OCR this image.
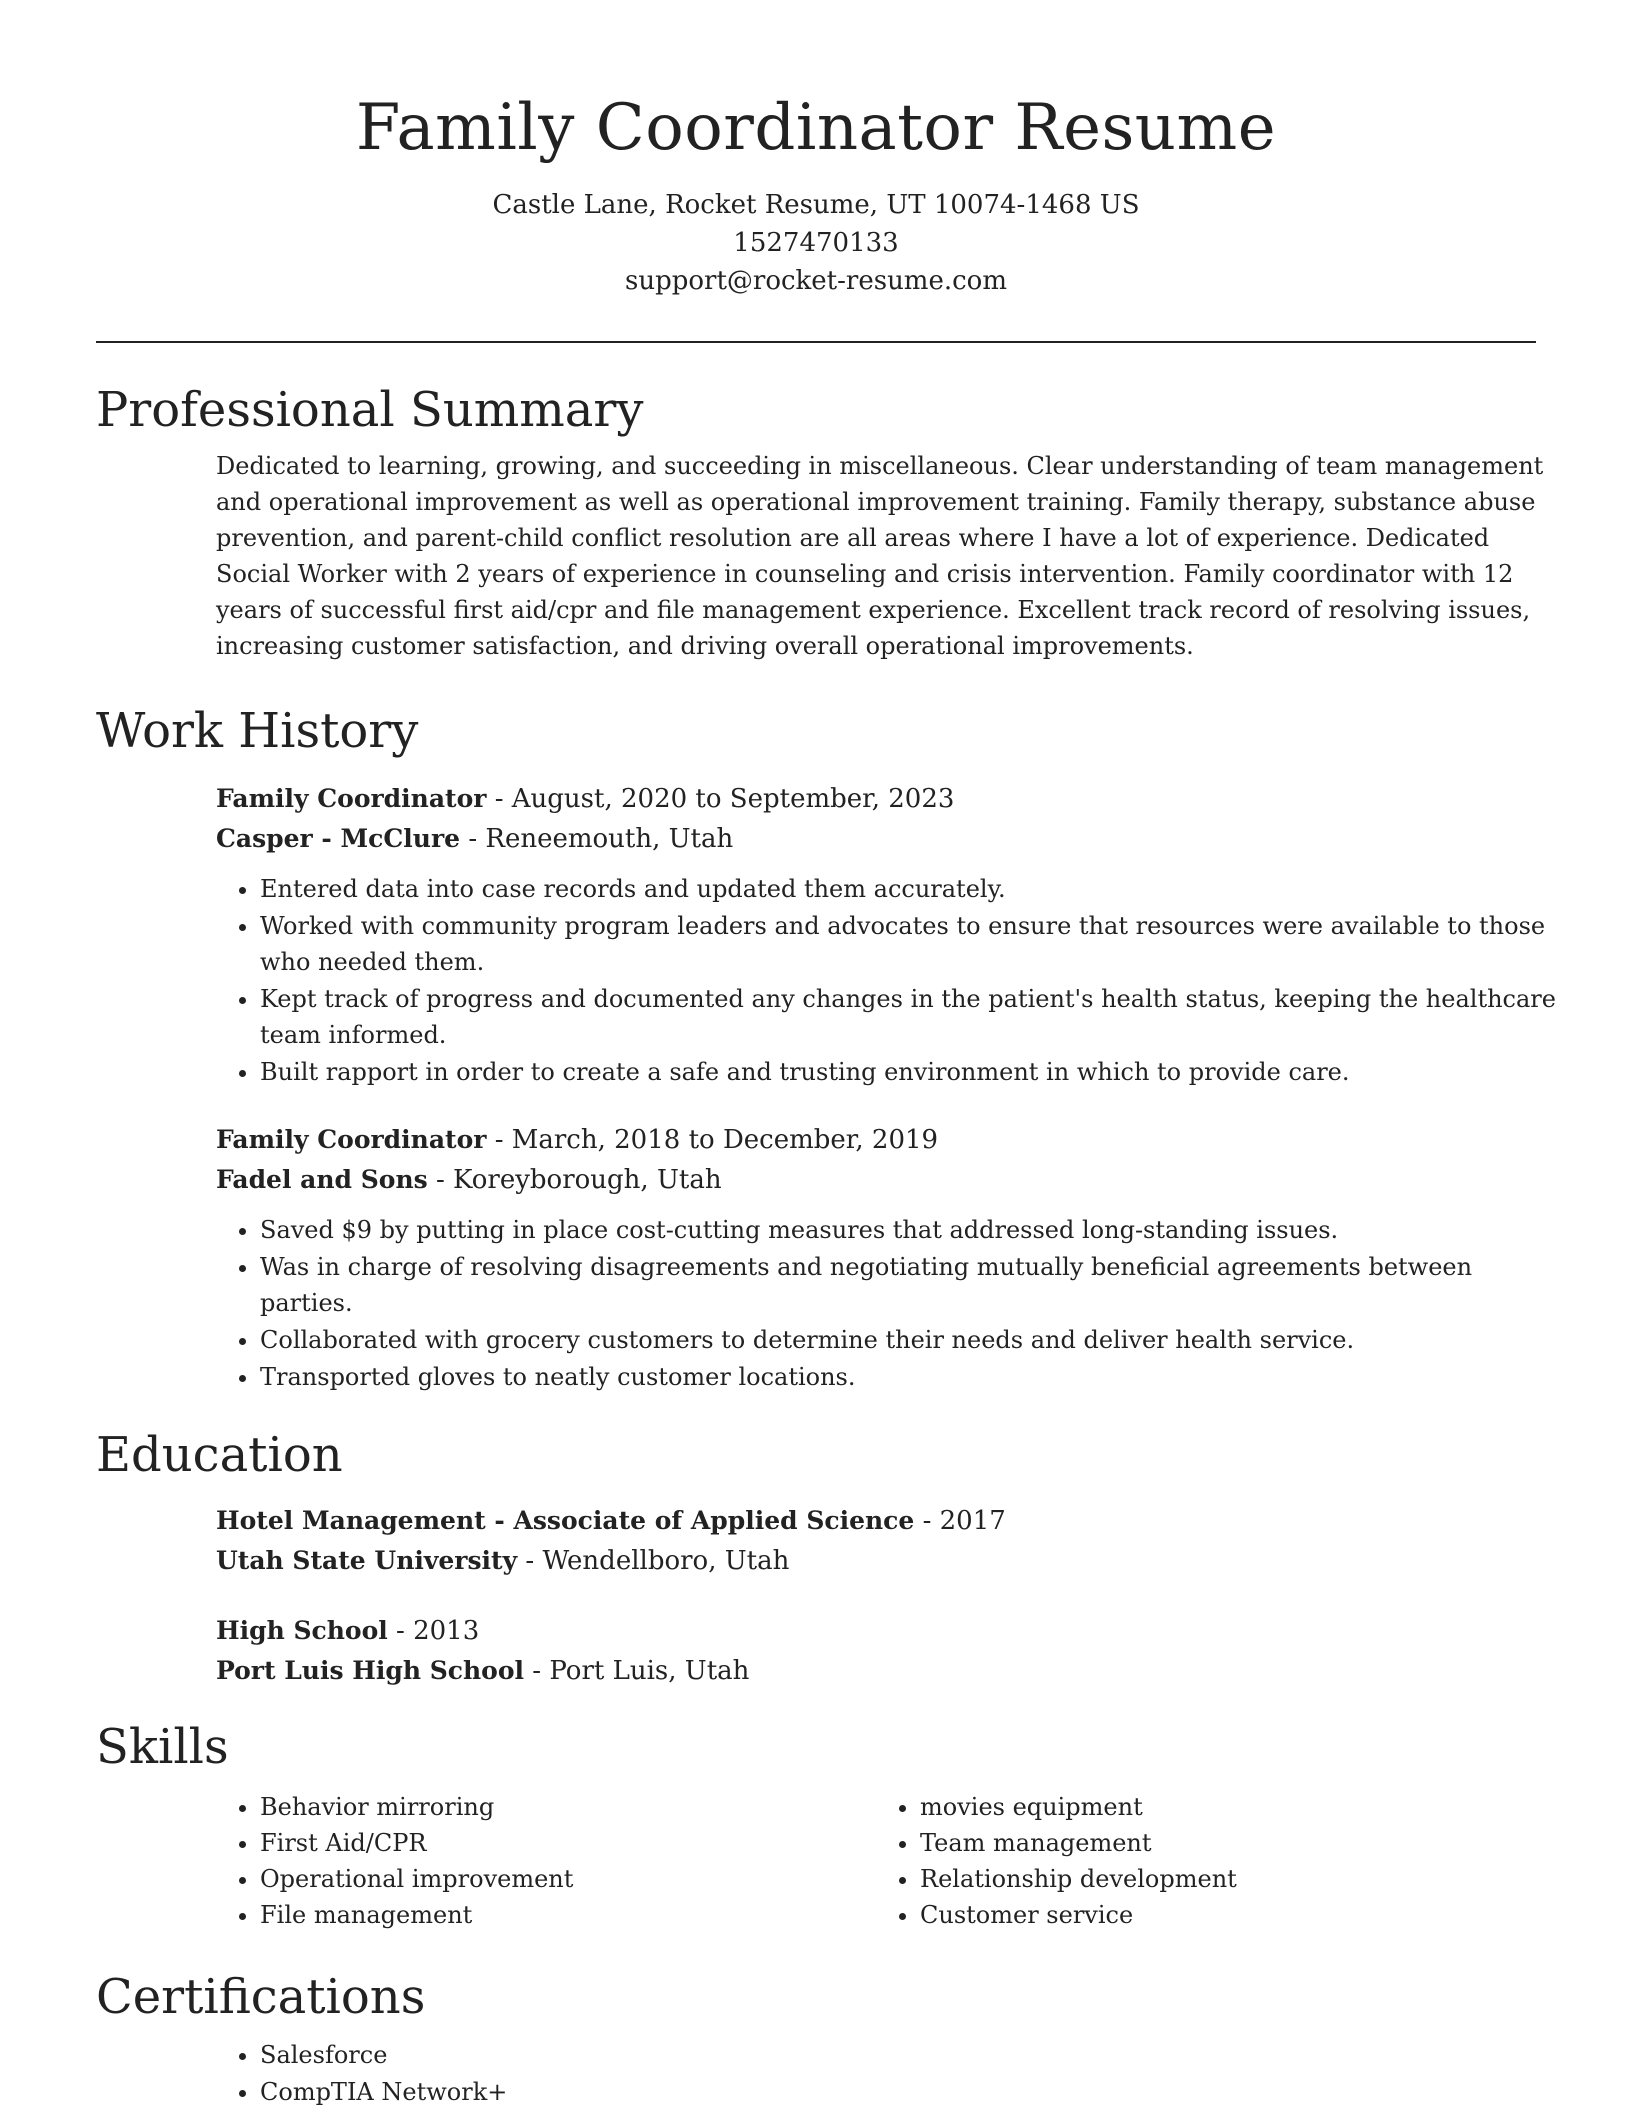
Family Coordinator Resume
Castle Lane, Rocket Resume, UT 10074-1468 US
1527470133
support@rocket-resume.com
Professional Summary

Dedicated to learning, growing, and succeeding in miscellaneous. Clear understanding of team management and operational improvement as well as operational improvement training. Family therapy, substance abuse prevention, and parent-child conflict resolution are all areas where I have a lot of experience. Dedicated Social Worker with 2 years of experience in counseling and crisis intervention. Family coordinator with 12 years of successful first aid/cpr and file management experience. Excellent track record of resolving issues, increasing customer satisfaction, and driving overall operational improvements.

Work History
Family Coordinator - August, 2020 to September, 2023
Casper - McClure - Reneemouth, Utah
• Entered data into case records and updated them accurately.
• Worked with community program leaders and advocates to ensure that resources were available to those who needed them.
• Kept track of progress and documented any changes in the patient's health status, keeping the healthcare team informed.
• Built rapport in order to create a safe and trusting environment in which to provide care.
Family Coordinator - March, 2018 to December, 2019
Fadel and Sons - Koreyborough, Utah
• Saved $9 by putting in place cost-cutting measures that addressed long-standing issues.
• Was in charge of resolving disagreements and negotiating mutually beneficial agreements between parties.
• Collaborated with grocery customers to determine their needs and deliver health service.
• Transported gloves to neatly customer locations.
Education
Hotel Management - Associate of Applied Science - 2017
Utah State University - Wendellboro, Utah
High School - 2013
Port Luis High School - Port Luis, Utah
Skills
• Behavior mirroring
• First Aid/CPR
• Operational improvement
• File management
• movies equipment
• Team management
• Relationship development
• Customer service
Certifications
• Salesforce
• CompTIA Network+
